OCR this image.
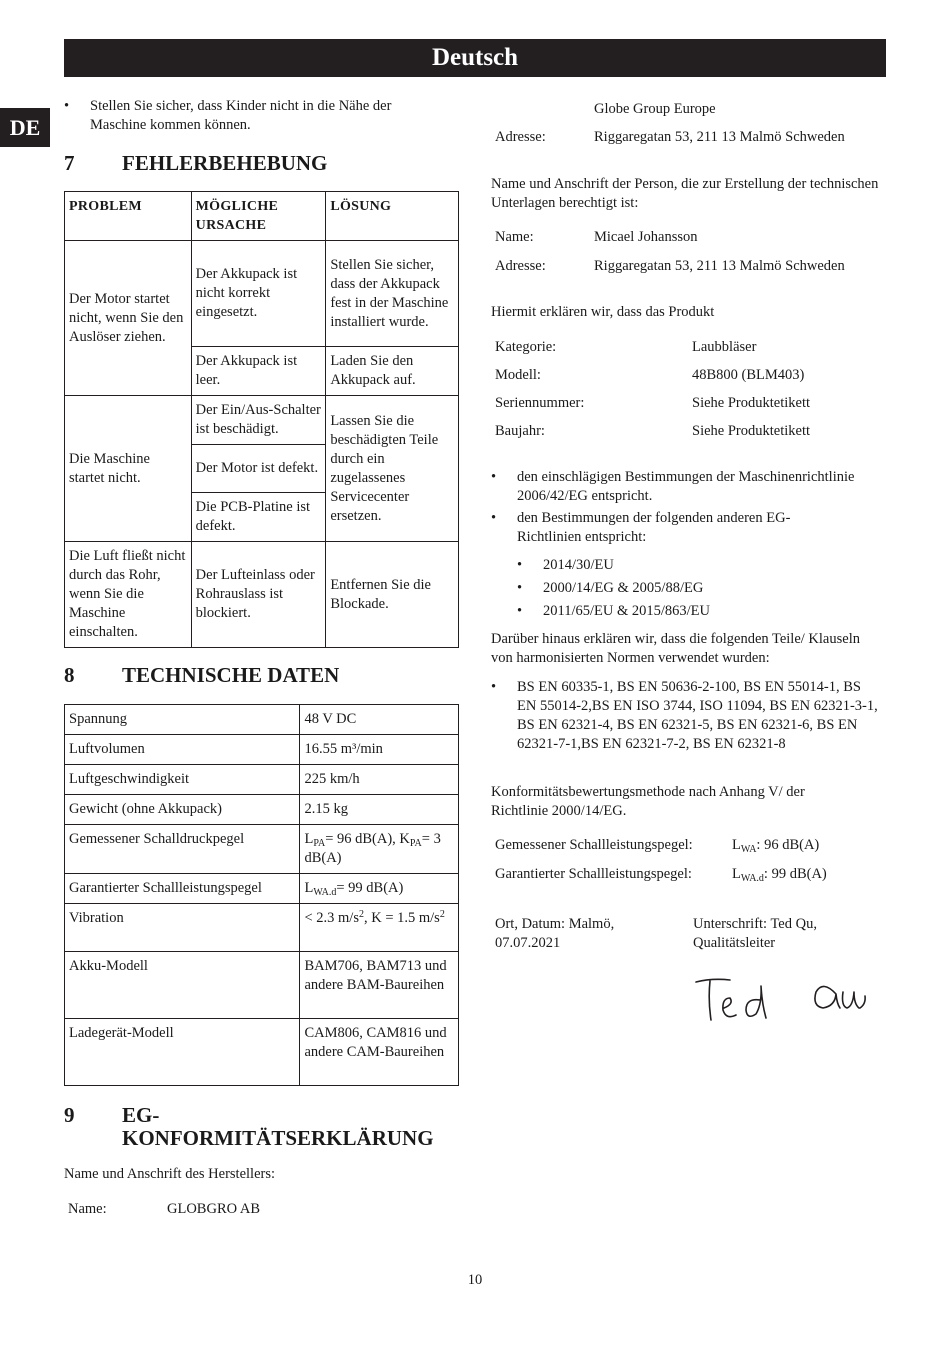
Deutsch
DE
• Stellen Sie sicher, dass Kinder nicht in die Nähe der Maschine kommen können.
7 FEHLERBEHEBUNG
PROBLEM	MÖGLICHE URSACHE	LÖSUNG
Der Motor startet nicht, wenn Sie den Auslöser ziehen.	Der Akkupack ist nicht korrekt eingesetzt.	Stellen Sie sicher, dass der Akkupack fest in der Maschine installiert wurde.
	Der Akkupack ist leer.	Laden Sie den Akkupack auf.
Die Maschine startet nicht.	Der Ein/Aus-Schalter ist beschädigt.	Lassen Sie die beschädigten Teile durch ein zugelassenes Servicecenter ersetzen.
	Der Motor ist defekt.	
	Die PCB-Platine ist defekt.	
Die Luft fließt nicht durch das Rohr, wenn Sie die Maschine einschalten.	Der Lufteinlass oder Rohrauslass ist blockiert.	Entfernen Sie die Blockade.
8 TECHNISCHE DATEN
Spannung	48 V DC
Luftvolumen	16.55 m³/min
Luftgeschwindigkeit	225 km/h
Gewicht (ohne Akkupack)	2.15 kg
Gemessener Schalldruckpegel	$L_{PA}= 96$ dB(A), $K_{PA}= 3$ dB(A)
Garantierter Schallleistungspegel	$L_{WA.d}= 99$ dB(A)
Vibration	< 2.3 $m/s^2$, K = 1.5 $m/s^2$
Akku-Modell	BAM706, BAM713 und andere BAM-Baureihen
Ladegerät-Modell	CAM806, CAM816 und andere CAM-Baureihen
9 EG-
KONFORMITÄTSERKLÄRUNG
Name und Anschrift des Herstellers:
Name:	GLOBGRO AB
Globe Group Europe
Adresse:	Riggaregatan 53, 211 13 Malmö Schweden
Name und Anschrift der Person, die zur Erstellung der technischen Unterlagen berechtigt ist:
Name:	Micael Johansson
Adresse:	Riggaregatan 53, 211 13 Malmö Schweden
Hiermit erklären wir, dass das Produkt
Kategorie:	Laubbläser
Modell:	48B800 (BLM403)
Seriennummer:	Siehe Produktetikett
Baujahr:	Siehe Produktetikett
• den einschlägigen Bestimmungen der Maschinenrichtlinie 2006/42/EG entspricht.
• den Bestimmungen der folgenden anderen EG-Richtlinien entspricht:
• 2014/30/EU
• 2000/14/EG & 2005/88/EG
• 2011/65/EU & 2015/863/EU
Darüber hinaus erklären wir, dass die folgenden Teile/ Klauseln von harmonisierten Normen verwendet wurden:
• BS EN 60335-1, BS EN 50636-2-100, BS EN 55014-1, BS EN 55014-2,BS EN ISO 3744, ISO 11094, BS EN 62321-3-1, BS EN 62321-4, BS EN 62321-5, BS EN 62321-6, BS EN 62321-7-1,BS EN 62321-7-2, BS EN 62321-8
Konformitätsbewertungsmethode nach Anhang V/ der Richtlinie 2000/14/EG.
Gemessener Schallleistungspegel:	$L_{WA}$: 96 dB(A)
Garantierter Schallleistungspegel:	$L_{WA.d}$: 99 dB(A)
Ort, Datum: Malmö, 07.07.2021
Unterschrift: Ted Qu, Qualitätsleiter
10
